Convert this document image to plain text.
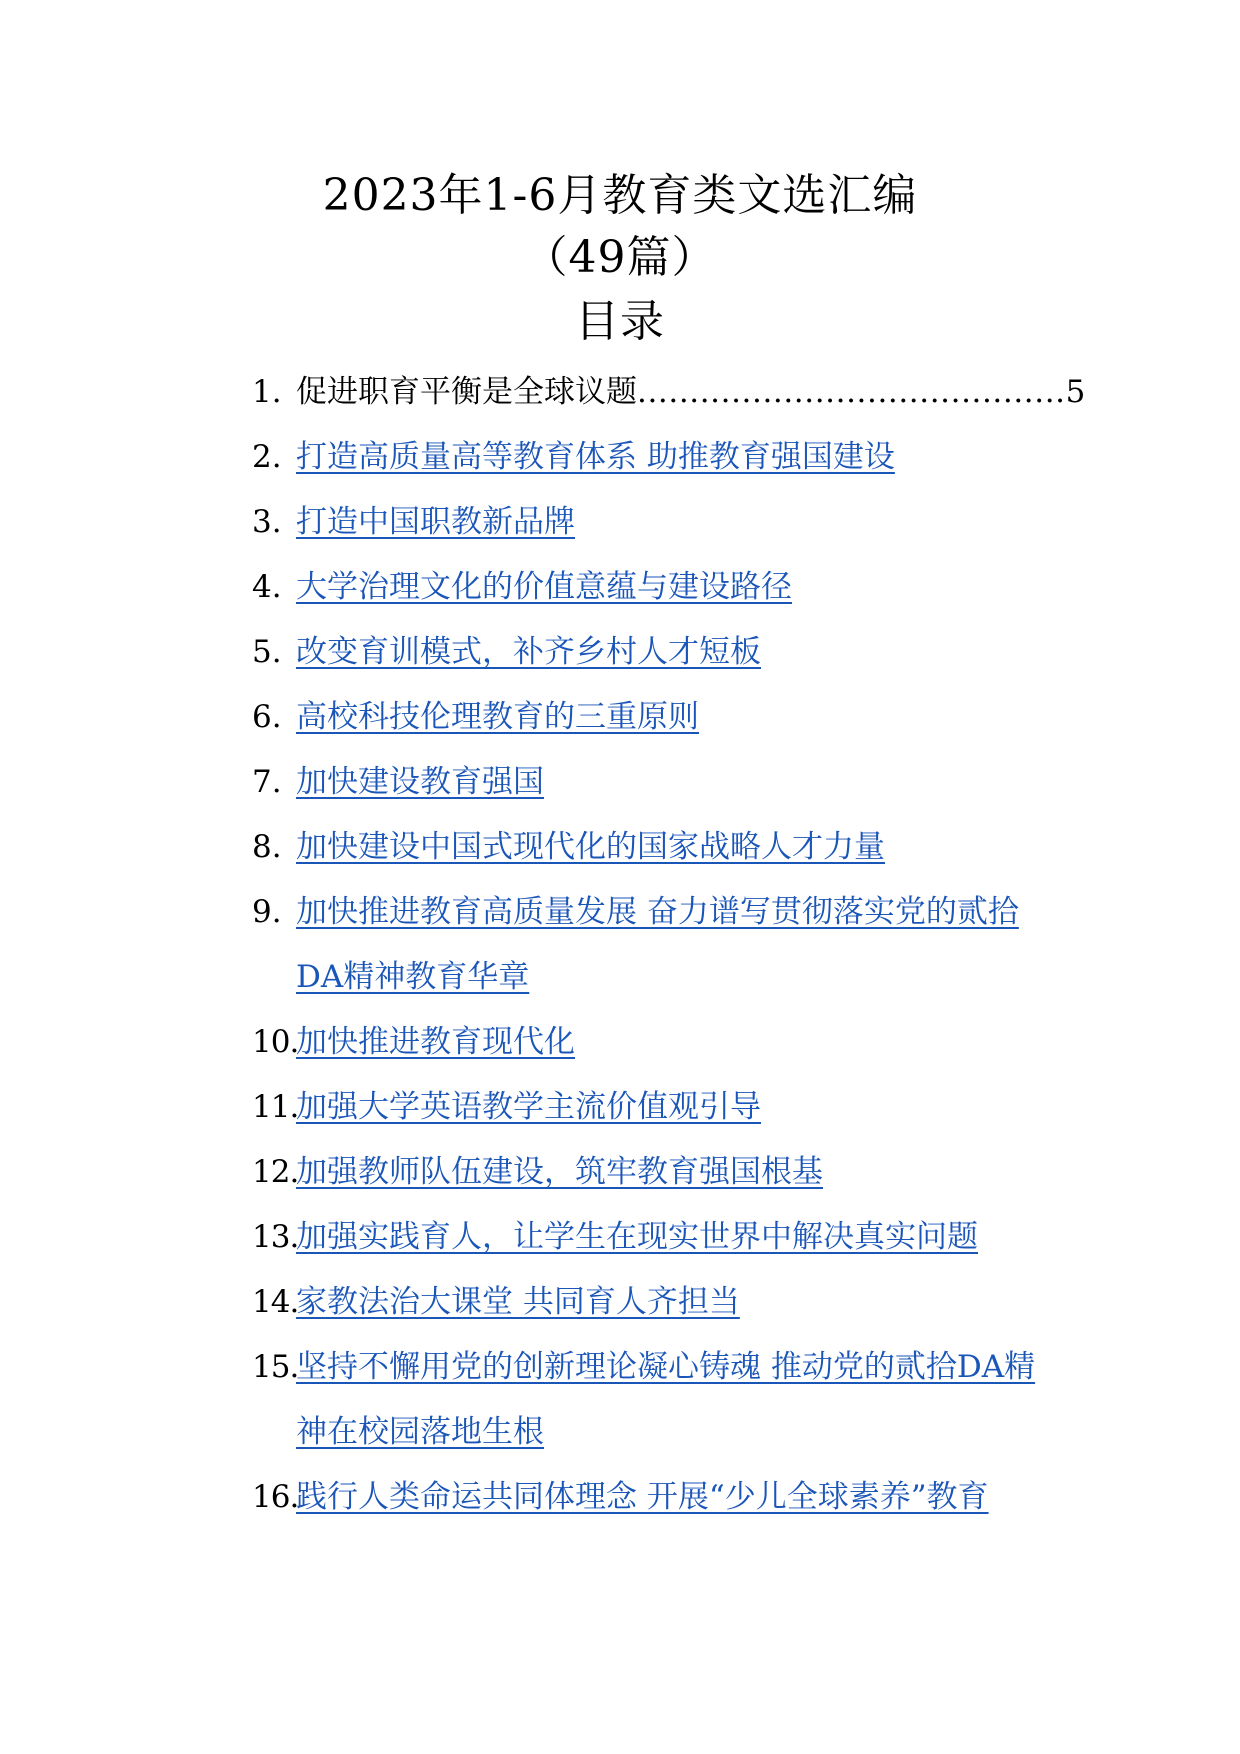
2023年1-6月教育类文选汇编
（49篇）
目录
1. 促进职育平衡是全球议题.........................................5
2. 打造高质量高等教育体系 助推教育强国建设
3. 打造中国职教新品牌
4. 大学治理文化的价值意蕴与建设路径
5. 改变育训模式，补齐乡村人才短板
6. 高校科技伦理教育的三重原则
7. 加快建设教育强国
8. 加快建设中国式现代化的国家战略人才力量
9. 加快推进教育高质量发展 奋力谱写贯彻落实党的贰拾DA精神教育华章
10.
加快推进教育现代化
11.
加强大学英语教学主流价值观引导
12.
加强教师队伍建设，筑牢教育强国根基
13.
加强实践育人，让学生在现实世界中解决真实问题
14.
家教法治大课堂 共同育人齐担当
15.
坚持不懈用党的创新理论凝心铸魂 推动党的贰拾DA精神在校园落地生根
16.
践行人类命运共同体理念 开展“少儿全球素养”教育
